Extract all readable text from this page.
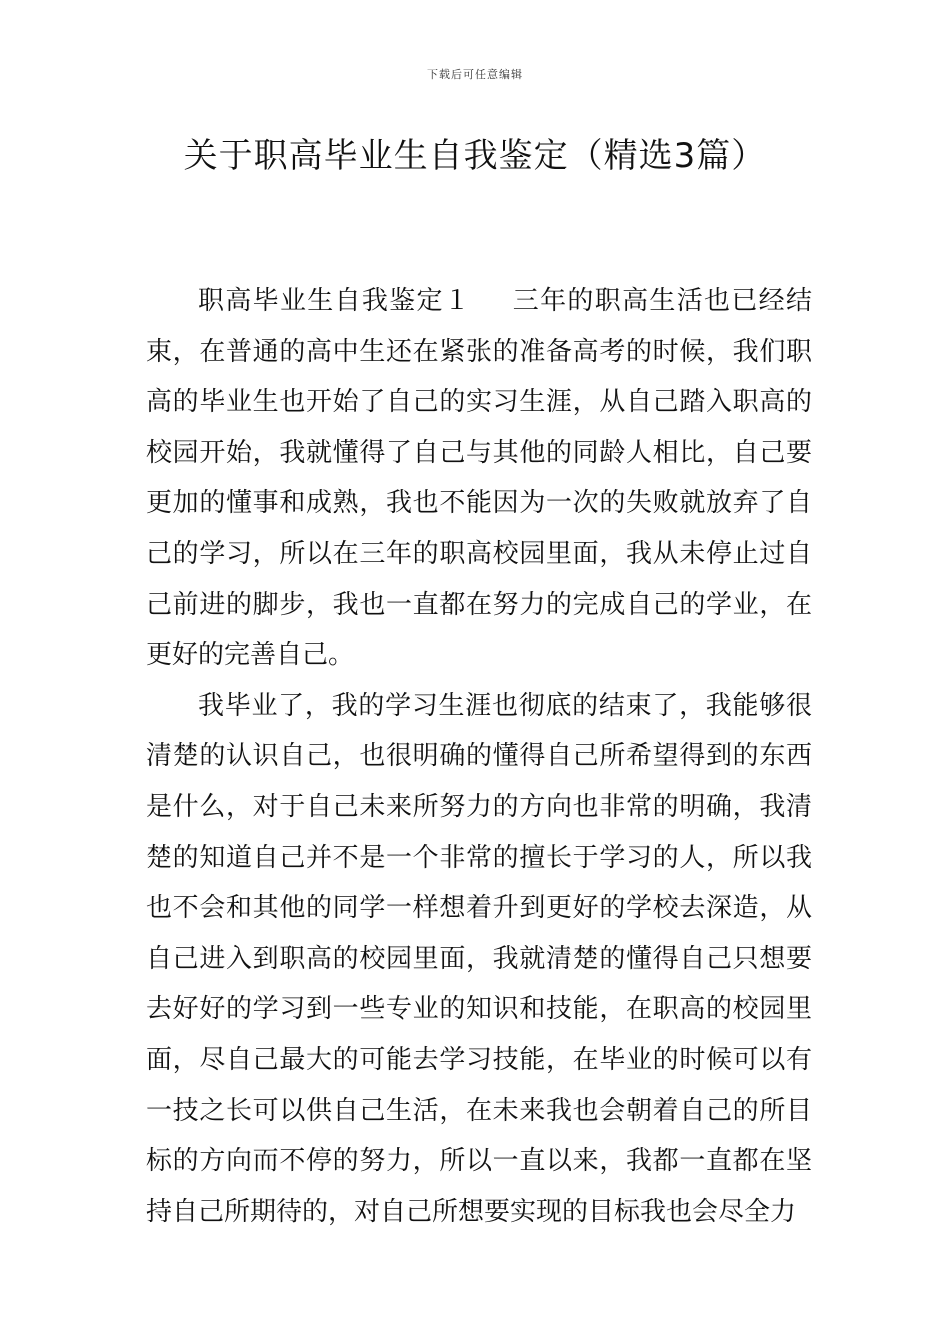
下载后可任意编辑
关于职高毕业生自我鉴定（精选3篇）

职高毕业生自我鉴定１ 三年的职高生活也已经结束，在普通的高中生还在紧张的准备高考的时候，我们职高的毕业生也开始了自己的实习生涯，从自己踏入职高的校园开始，我就懂得了自己与其他的同龄人相比，自己要更加的懂事和成熟，我也不能因为一次的失败就放弃了自己的学习，所以在三年的职高校园里面，我从未停止过自己前进的脚步，我也一直都在努力的完成自己的学业，在更好的完善自己。

我毕业了，我的学习生涯也彻底的结束了，我能够很清楚的认识自己，也很明确的懂得自己所希望得到的东西是什么，对于自己未来所努力的方向也非常的明确，我清楚的知道自己并不是一个非常的擅长于学习的人，所以我也不会和其他的同学一样想着升到更好的学校去深造，从自己进入到职高的校园里面，我就清楚的懂得自己只想要去好好的学习到一些专业的知识和技能，在职高的校园里面，尽自己最大的可能去学习技能，在毕业的时候可以有一技之长可以供自己生活，在未来我也会朝着自己的所目标的方向而不停的努力，所以一直以来，我都一直都在坚持自己所期待的，对自己所想要实现的目标我也会尽全力
